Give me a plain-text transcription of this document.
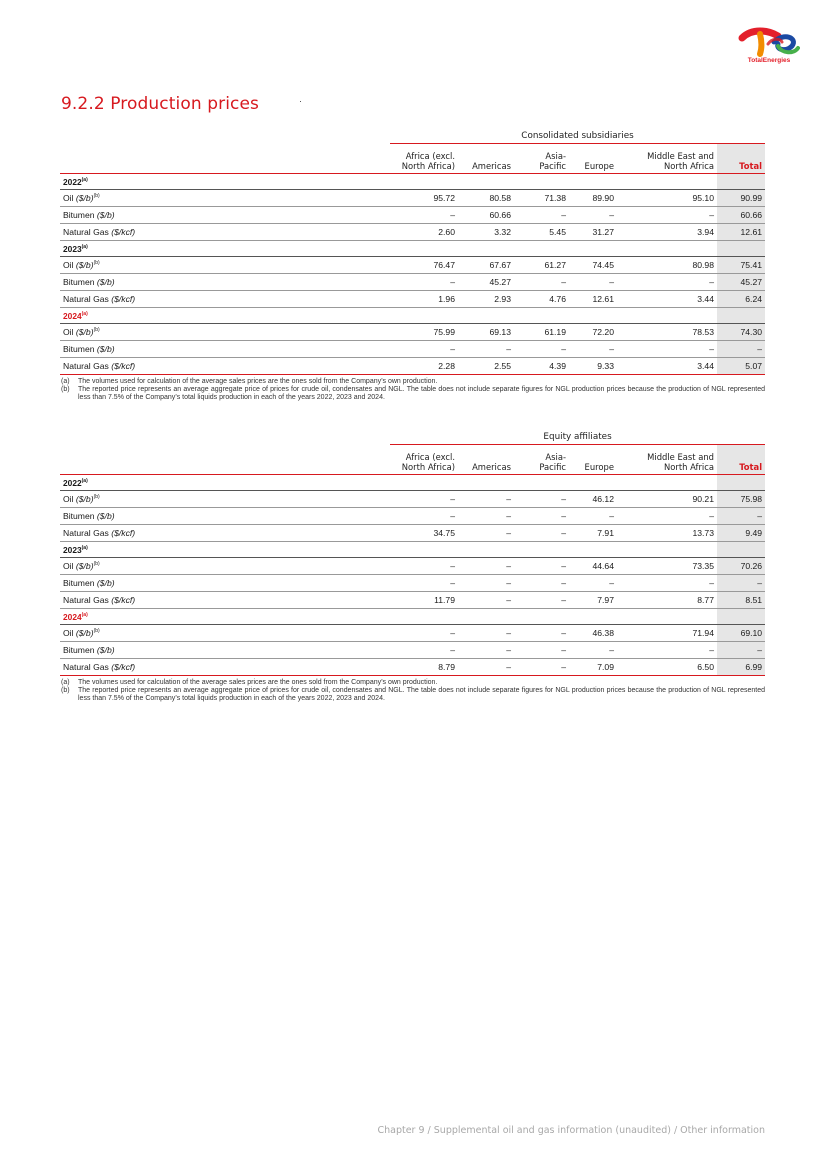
TotalEnergies
9.2.2 Production prices
	Consolidated subsidiaries					
	Africa (excl.
North Africa)	Americas	Asia-
Pacific	Europe	Middle East and
North Africa	Total
2022$^{(a)}$	
Oil ($/b)$^{(b)}$	95.72	80.58	71.38	89.90	95.10	90.99
Bitumen ($/b)	–	60.66	–	–	–	60.66
Natural Gas ($/kcf)	2.60	3.32	5.45	31.27	3.94	12.61
2023$^{(a)}$	
Oil ($/b)$^{(b)}$	76.47	67.67	61.27	74.45	80.98	75.41
Bitumen ($/b)	–	45.27	–	–	–	45.27
Natural Gas ($/kcf)	1.96	2.93	4.76	12.61	3.44	6.24
2024$^{(a)}$	
Oil ($/b)$^{(b)}$	75.99	69.13	61.19	72.20	78.53	74.30
Bitumen ($/b)	–	–	–	–	–	–
Natural Gas ($/kcf)	2.28	2.55	4.39	9.33	3.44	5.07
(a) The volumes used for calculation of the average sales prices are the ones sold from the Company’s own production.
(b) The reported price represents an average aggregate price of prices for crude oil, condensates and NGL. The table does not include separate figures for NGL production prices because the production of NGL represented less than 7.5% of the Company’s total liquids production in each of the years 2022, 2023 and 2024.
	Equity affiliates					
	Africa (excl.
North Africa)	Americas	Asia-
Pacific	Europe	Middle East and
North Africa	Total
2022$^{(a)}$	
Oil ($/b)$^{(b)}$	–	–	–	46.12	90.21	75.98
Bitumen ($/b)	–	–	–	–	–	–
Natural Gas ($/kcf)	34.75	–	–	7.91	13.73	9.49
2023$^{(a)}$	
Oil ($/b)$^{(b)}$	–	–	–	44.64	73.35	70.26
Bitumen ($/b)	–	–	–	–	–	–
Natural Gas ($/kcf)	11.79	–	–	7.97	8.77	8.51
2024$^{(a)}$	
Oil ($/b)$^{(b)}$	–	–	–	46.38	71.94	69.10
Bitumen ($/b)	–	–	–	–	–	–
Natural Gas ($/kcf)	8.79	–	–	7.09	6.50	6.99
(a) The volumes used for calculation of the average sales prices are the ones sold from the Company’s own production.
(b) The reported price represents an average aggregate price of prices for crude oil, condensates and NGL. The table does not include separate figures for NGL production prices because the production of NGL represented less than 7.5% of the Company’s total liquids production in each of the years 2022, 2023 and 2024.
Chapter 9 / Supplemental oil and gas information (unaudited) / Other information
